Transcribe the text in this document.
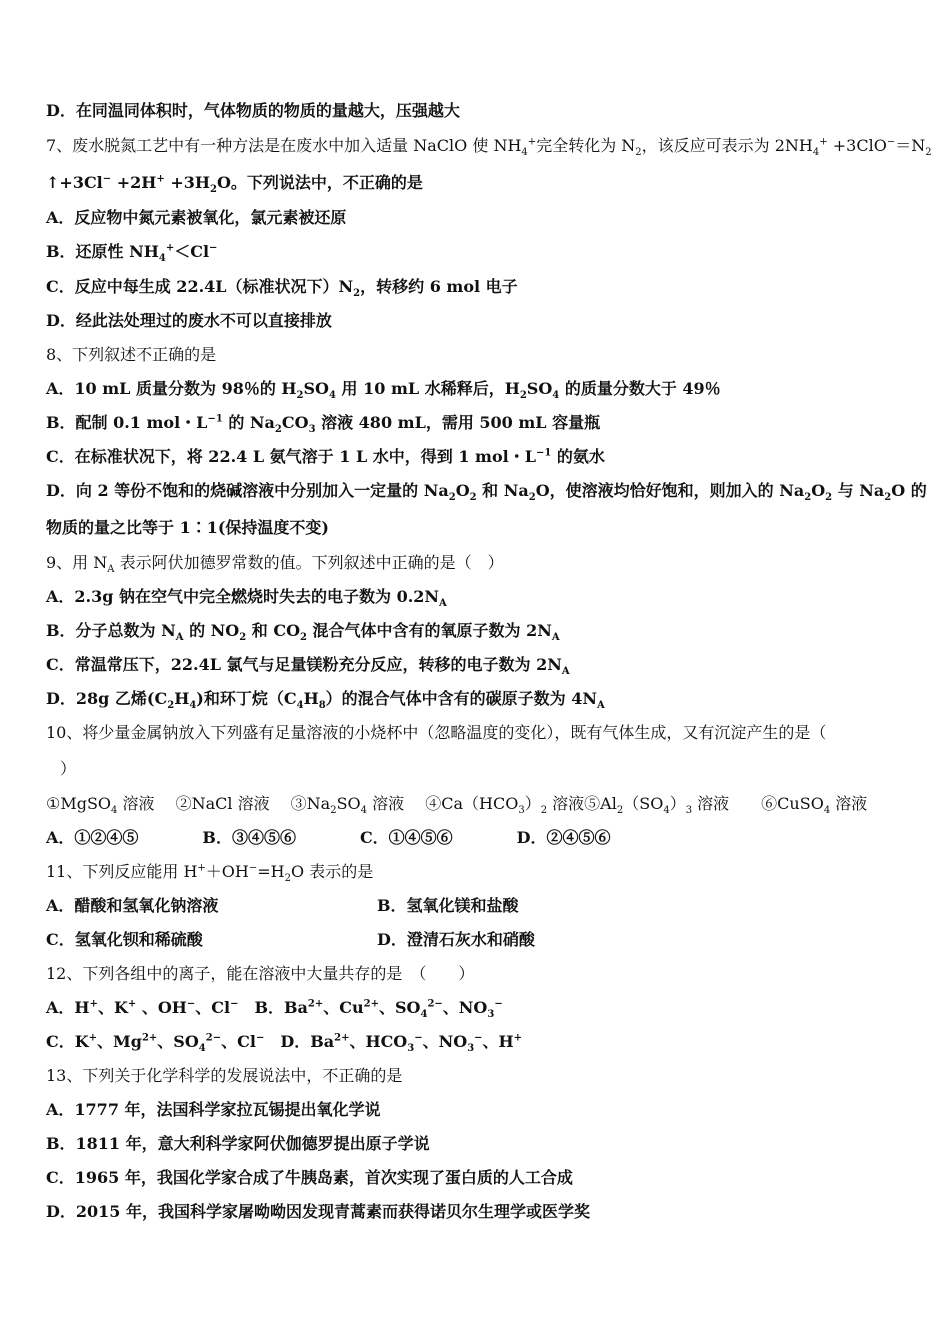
D．在同温同体积时，气体物质的物质的量越大，压强越大
7、废水脱氮工艺中有一种方法是在废水中加入适量 NaClO 使 $NH_4^+$完全转化为 $N_2$，该反应可表示为 $2NH_4^+ +3ClO^-=N_2$
↑+3Cl− $+2H^+ +3H_2O$。下列说法中，不正确的是
A．反应物中氮元素被氧化，氯元素被还原
B．还原性 $NH_4^+<Cl^-$
C．反应中每生成 22.4L（标准状况下）$N_2$，转移约 6 mol 电子
D．经此法处理过的废水不可以直接排放
8、下列叙述不正确的是
A．10 mL 质量分数为 98％的 $H_2SO_4$ 用 10 mL 水稀释后，$H_2SO_4$ 的质量分数大于 49％
B．配制 0.1 mol・$L^{-1}$ 的 $Na_2CO_3$ 溶液 480 mL，需用 500 mL 容量瓶
C．在标准状况下，将 22.4 L 氨气溶于 1 L 水中，得到 1 mol・$L^{-1}$ 的氨水
D．向 2 等份不饱和的烧碱溶液中分别加入一定量的 $Na_2O_2$ 和 $Na_2O$，使溶液均恰好饱和，则加入的 $Na_2O_2$ 与 $Na_2O$ 的
物质的量之比等于 1∶1(保持温度不变)
9、用 $N_A$ 表示阿伏加德罗常数的值。下列叙述中正确的是（　）
A．2.3g 钠在空气中完全燃烧时失去的电子数为 $0.2N_A$
B．分子总数为 $N_A$ 的 $NO_2$ 和 $CO_2$ 混合气体中含有的氧原子数为 $2N_A$
C．常温常压下，22.4L 氯气与足量镁粉充分反应，转移的电子数为 $2N_A$
D．28g 乙烯$(C_2H_4)$和环丁烷$(C_4H_8)$的混合气体中含有的碳原子数为 $4N_A$
10、将少量金属钠放入下列盛有足量溶液的小烧杯中（忽略温度的变化），既有气体生成，又有沉淀产生的是（
）
①MgSO$_4$ 溶液　 ②NaCl 溶液　 $③Na_2SO_4$ 溶液　 $④Ca(HCO_3)_2$ 溶液$⑤Al_2(SO_4)_3$ 溶液　　⑥CuSO$_4$ 溶液
A．①②④⑤　　　　B．③④⑤⑥　　　　C．①④⑤⑥　　　　D．②④⑤⑥
11、下列反应能用 $H^++OH^-=H_2O$ 表示的是
A．醋酸和氢氧化钠溶液	B．氢氧化镁和盐酸
C．氢氧化钡和稀硫酸	D．澄清石灰水和硝酸
12、下列各组中的离子，能在溶液中大量共存的是　（　　）
A．H+、K+ 、OH−、Cl−　B．$Ba^{2+}$、$Cu^{2+}$、$SO_4^{2-}$、$NO_3^-$
C．K+、$Mg^{2+}$、$SO_4^{2-}$、Cl−　D．$Ba^{2+}$、$HCO_3^-$、$NO_3^-$、H+
13、下列关于化学科学的发展说法中，不正确的是
A．1777 年，法国科学家拉瓦锡提出氧化学说
B．1811 年，意大利科学家阿伏伽德罗提出原子学说
C．1965 年，我国化学家合成了牛胰岛素，首次实现了蛋白质的人工合成
D．2015 年，我国科学家屠呦呦因发现青蒿素而获得诺贝尔生理学或医学奖
